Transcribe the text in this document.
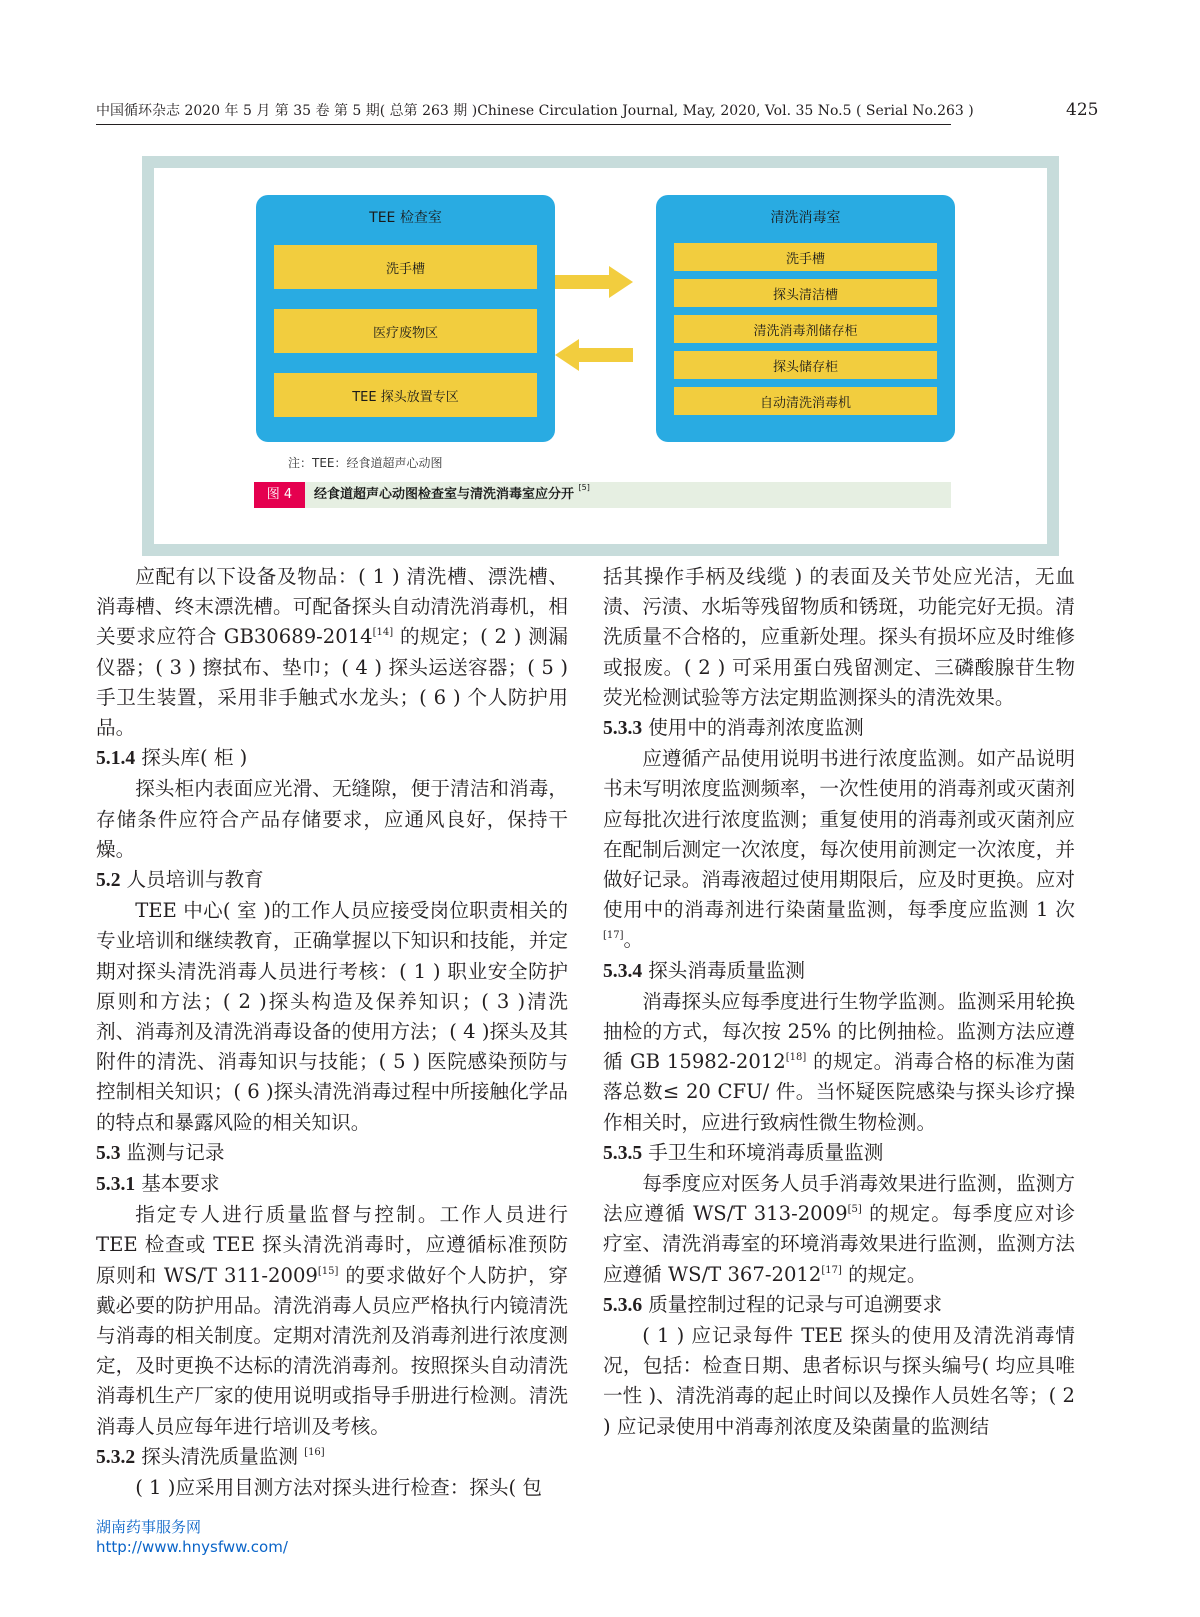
中国循环杂志 2020 年 5 月 第 35 卷 第 5 期( 总第 263 期 )Chinese Circulation Journal, May, 2020, Vol. 35 No.5 ( Serial No.263 )	425
TEE 检查室
洗手槽
医疗废物区
TEE 探头放置专区
清洗消毒室
洗手槽
探头清洁槽
清洗消毒剂储存柜
探头储存柜
自动清洗消毒机
注：TEE：经食道超声心动图
图 4	经食道超声心动图检查室与清洗消毒室应分开 [5]

应配有以下设备及物品：( 1 ) 清洗槽、漂洗槽、消毒槽、终末漂洗槽。可配备探头自动清洗消毒机，相关要求应符合 GB30689-2014[14] 的规定；( 2 ) 测漏仪器；( 3 ) 擦拭布、垫巾；( 4 ) 探头运送容器；( 5 ) 手卫生装置，采用非手触式水龙头；( 6 ) 个人防护用品。

5.1.4 探头库( 柜 )

探头柜内表面应光滑、无缝隙，便于清洁和消毒，存储条件应符合产品存储要求，应通风良好，保持干燥。

5.2 人员培训与教育

TEE 中心( 室 )的工作人员应接受岗位职责相关的专业培训和继续教育，正确掌握以下知识和技能，并定期对探头清洗消毒人员进行考核：( 1 ) 职业安全防护原则和方法；( 2 )探头构造及保养知识；( 3 )清洗剂、消毒剂及清洗消毒设备的使用方法；( 4 )探头及其附件的清洗、消毒知识与技能；( 5 ) 医院感染预防与控制相关知识；( 6 )探头清洗消毒过程中所接触化学品的特点和暴露风险的相关知识。

5.3 监测与记录
5.3.1 基本要求

指定专人进行质量监督与控制。工作人员进行 TEE 检查或 TEE 探头清洗消毒时，应遵循标准预防原则和 WS/T 311-2009[15] 的要求做好个人防护，穿戴必要的防护用品。清洗消毒人员应严格执行内镜清洗与消毒的相关制度。定期对清洗剂及消毒剂进行浓度测定，及时更换不达标的清洗消毒剂。按照探头自动清洗消毒机生产厂家的使用说明或指导手册进行检测。清洗消毒人员应每年进行培训及考核。

5.3.2 探头清洗质量监测 [16]

( 1 )应采用目测方法对探头进行检查：探头( 包

括其操作手柄及线缆 ) 的表面及关节处应光洁，无血渍、污渍、水垢等残留物质和锈斑，功能完好无损。清洗质量不合格的，应重新处理。探头有损坏应及时维修或报废。( 2 ) 可采用蛋白残留测定、三磷酸腺苷生物荧光检测试验等方法定期监测探头的清洗效果。

5.3.3 使用中的消毒剂浓度监测

应遵循产品使用说明书进行浓度监测。如产品说明书未写明浓度监测频率，一次性使用的消毒剂或灭菌剂应每批次进行浓度监测；重复使用的消毒剂或灭菌剂应在配制后测定一次浓度，每次使用前测定一次浓度，并做好记录。消毒液超过使用期限后，应及时更换。应对使用中的消毒剂进行染菌量监测，每季度应监测 1 次 [17]。

5.3.4 探头消毒质量监测

消毒探头应每季度进行生物学监测。监测采用轮换抽检的方式，每次按 25% 的比例抽检。监测方法应遵循 GB 15982-2012[18] 的规定。消毒合格的标准为菌落总数≤ 20 CFU/ 件。当怀疑医院感染与探头诊疗操作相关时，应进行致病性微生物检测。

5.3.5 手卫生和环境消毒质量监测

每季度应对医务人员手消毒效果进行监测，监测方法应遵循 WS/T 313-2009[5] 的规定。每季度应对诊疗室、清洗消毒室的环境消毒效果进行监测，监测方法应遵循 WS/T 367-2012[17] 的规定。

5.3.6 质量控制过程的记录与可追溯要求

( 1 ) 应记录每件 TEE 探头的使用及清洗消毒情况，包括：检查日期、患者标识与探头编号( 均应具唯一性 )、清洗消毒的起止时间以及操作人员姓名等；( 2 ) 应记录使用中消毒剂浓度及染菌量的监测结

湖南药事服务网
http://www.hnysfww.com/
